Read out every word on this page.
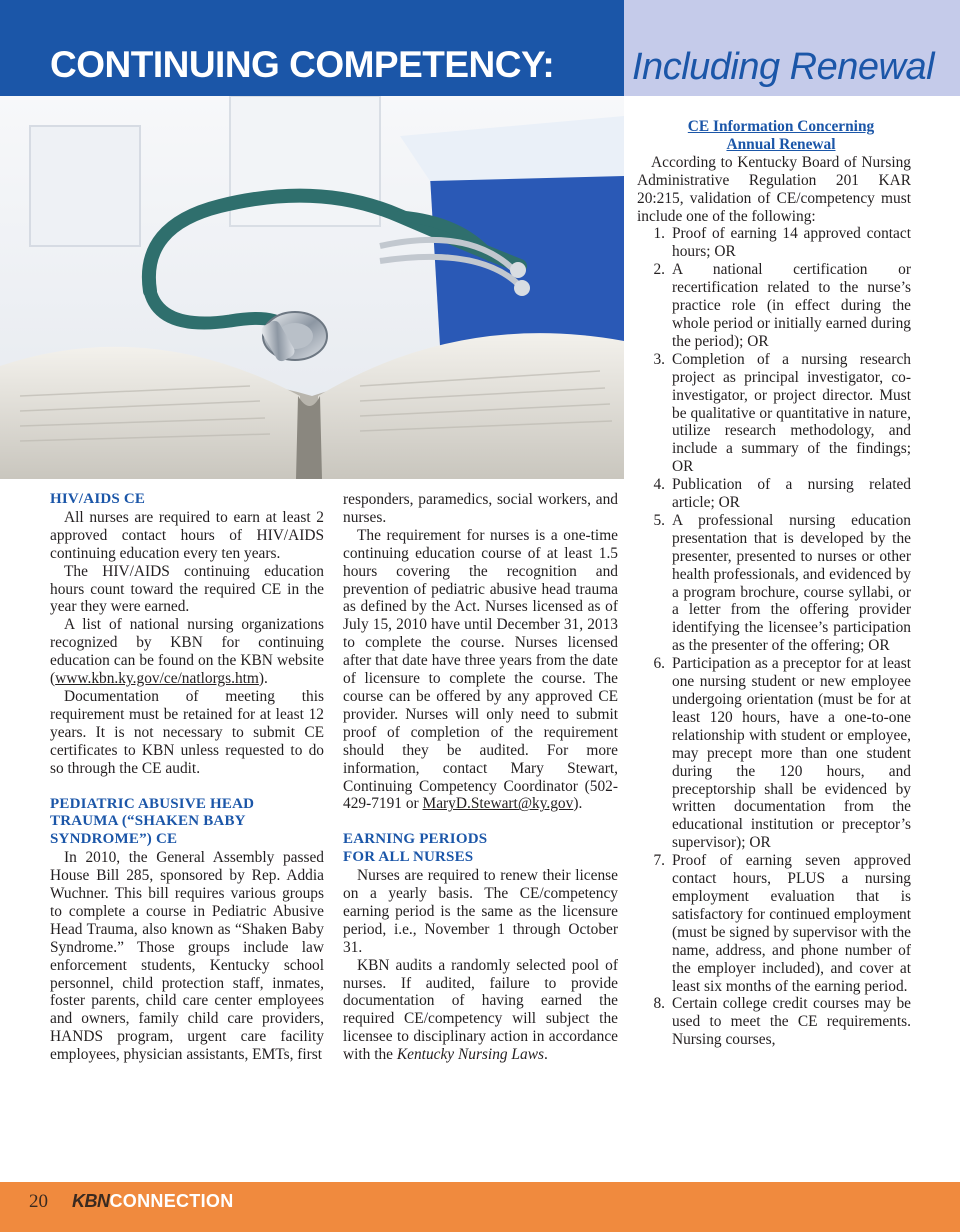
CONTINUING COMPETENCY: Including Renewal

HIV/AIDS CE

All nurses are required to earn at least 2 approved contact hours of HIV/AIDS continuing education every ten years.

The HIV/AIDS continuing education hours count toward the required CE in the year they were earned.

A list of national nursing organizations recognized by KBN for continuing education can be found on the KBN website (www.kbn.ky.gov/ce/natlorgs.htm).

Documentation of meeting this requirement must be retained for at least 12 years. It is not necessary to submit CE certificates to KBN unless requested to do so through the CE audit.

PEDIATRIC ABUSIVE HEAD TRAUMA (“SHAKEN BABY SYNDROME”) CE

In 2010, the General Assembly passed House Bill 285, sponsored by Rep. Addia Wuchner. This bill requires various groups to complete a course in Pediatric Abusive Head Trauma, also known as “Shaken Baby Syndrome.” Those groups include law enforcement students, Kentucky school personnel, child protection staff, inmates, foster parents, child care center employees and owners, family child care providers, HANDS program, urgent care facility employees, physician assistants, EMTs, first

responders, paramedics, social workers, and nurses.

The requirement for nurses is a one-time continuing education course of at least 1.5 hours covering the recognition and prevention of pediatric abusive head trauma as defined by the Act. Nurses licensed as of July 15, 2010 have until December 31, 2013 to complete the course. Nurses licensed after that date have three years from the date of licensure to complete the course. The course can be offered by any approved CE provider. Nurses will only need to submit proof of completion of the requirement should they be audited. For more information, contact Mary Stewart, Continuing Competency Coordinator (502-429-7191 or MaryD.Stewart@ky.gov).

EARNING PERIODS

FOR ALL NURSES

Nurses are required to renew their license on a yearly basis. The CE/competency earning period is the same as the licensure period, i.e., November 1 through October 31.

KBN audits a randomly selected pool of nurses. If audited, failure to provide documentation of having earned the required CE/competency will subject the licensee to disciplinary action in accordance with the Kentucky Nursing Laws.

CE Information Concerning

Annual Renewal

According to Kentucky Board of Nursing Administrative Regulation 201 KAR 20:215, validation of CE/competency must include one of the following:

1. Proof of earning 14 approved contact hours; OR
2. A national certification or recertification related to the nurse’s practice role (in effect during the whole period or initially earned during the period); OR
3. Completion of a nursing research project as principal investigator, co-investigator, or project director. Must be qualitative or quantitative in nature, utilize research methodology, and include a summary of the findings; OR
4. Publication of a nursing related article; OR
5. A professional nursing education presentation that is developed by the presenter, presented to nurses or other health professionals, and evidenced by a program brochure, course syllabi, or a letter from the offering provider identifying the licensee’s participation as the presenter of the offering; OR
6. Participation as a preceptor for at least one nursing student or new employee undergoing orientation (must be for at least 120 hours, have a one-to-one relationship with student or employee, may precept more than one student during the 120 hours, and preceptorship shall be evidenced by written documentation from the educational institution or preceptor’s supervisor); OR
7. Proof of earning seven approved contact hours, PLUS a nursing employment evaluation that is satisfactory for continued employment (must be signed by supervisor with the name, address, and phone number of the employer included), and cover at least six months of the earning period.
8. Certain college credit courses may be used to meet the CE requirements. Nursing courses,
20 KBNCONNECTION
